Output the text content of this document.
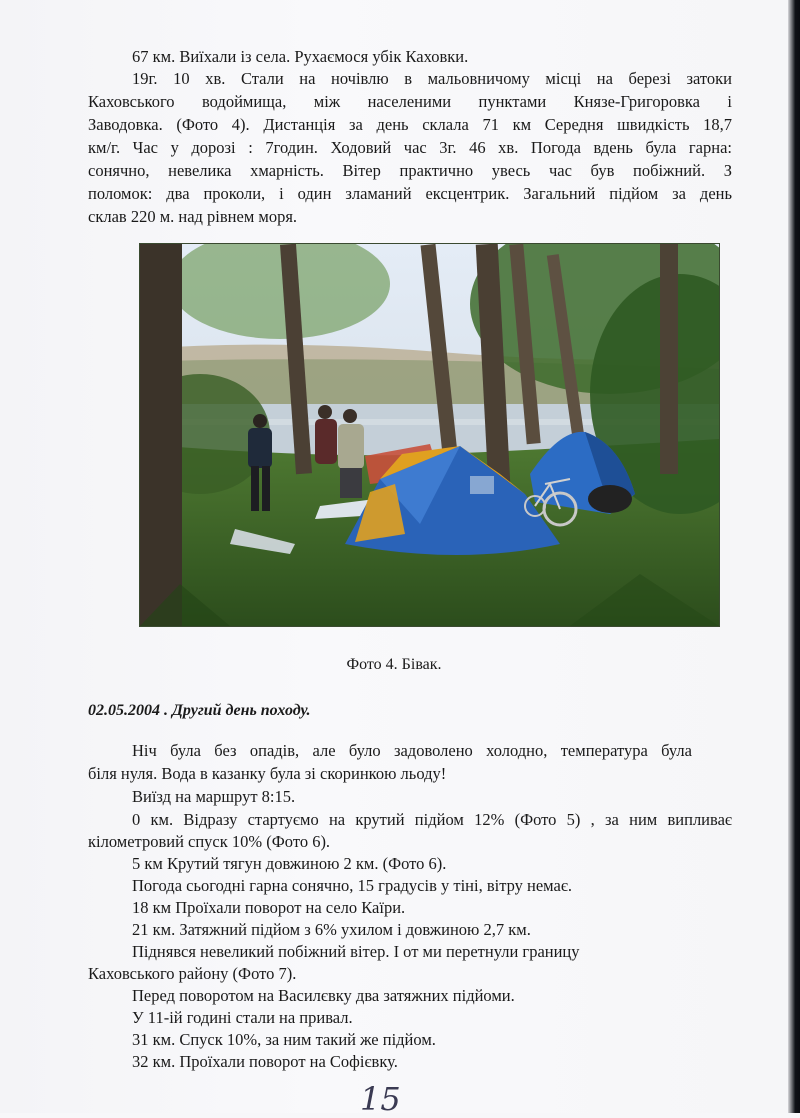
67 км. Виїхали із села. Рухаємося убік Каховки.
19г. 10 хв. Стали на ночівлю в мальовничому місці на березі затоки
Каховського водоймища, між населеними пунктами Князе-Григоровка і
Заводовка. (Фото 4). Дистанція за день склала 71 км Середня швидкість 18,7
км/г. Час у дорозі : 7годин. Ходовий час 3г. 46 хв. Погода вдень була гарна:
сонячно, невелика хмарність. Вітер практично увесь час був побіжний. З
поломок: два проколи, і один зламаний ексцентрик. Загальний підйом за день
склав 220 м. над рівнем моря.
Фото 4. Бівак.
02.05.2004 . Другий день походу.
Ніч була без опадів, але було задоволено холодно, температура була
біля нуля. Вода в казанку була зі скоринкою льоду!
Виїзд на маршрут 8:15.
0 км. Відразу стартуємо на крутий підйом 12% (Фото 5) , за ним випливає
кілометровий спуск 10% (Фото 6).
5 км Крутий тягун довжиною 2 км. (Фото 6).
Погода сьогодні гарна сонячно, 15 градусів у тіні, вітру немає.
18 км Проїхали поворот на село Каїри.
21 км. Затяжний підйом з 6% ухилом і довжиною 2,7 км.
Піднявся невеликий побіжний вітер. І от ми перетнули границу
Каховського району (Фото 7).
Перед поворотом на Василєвку два затяжних підйоми.
У 11-ій годині стали на привал.
31 км. Спуск 10%, за ним такий же підйом.
32 км. Проїхали поворот на Софієвку.
15
